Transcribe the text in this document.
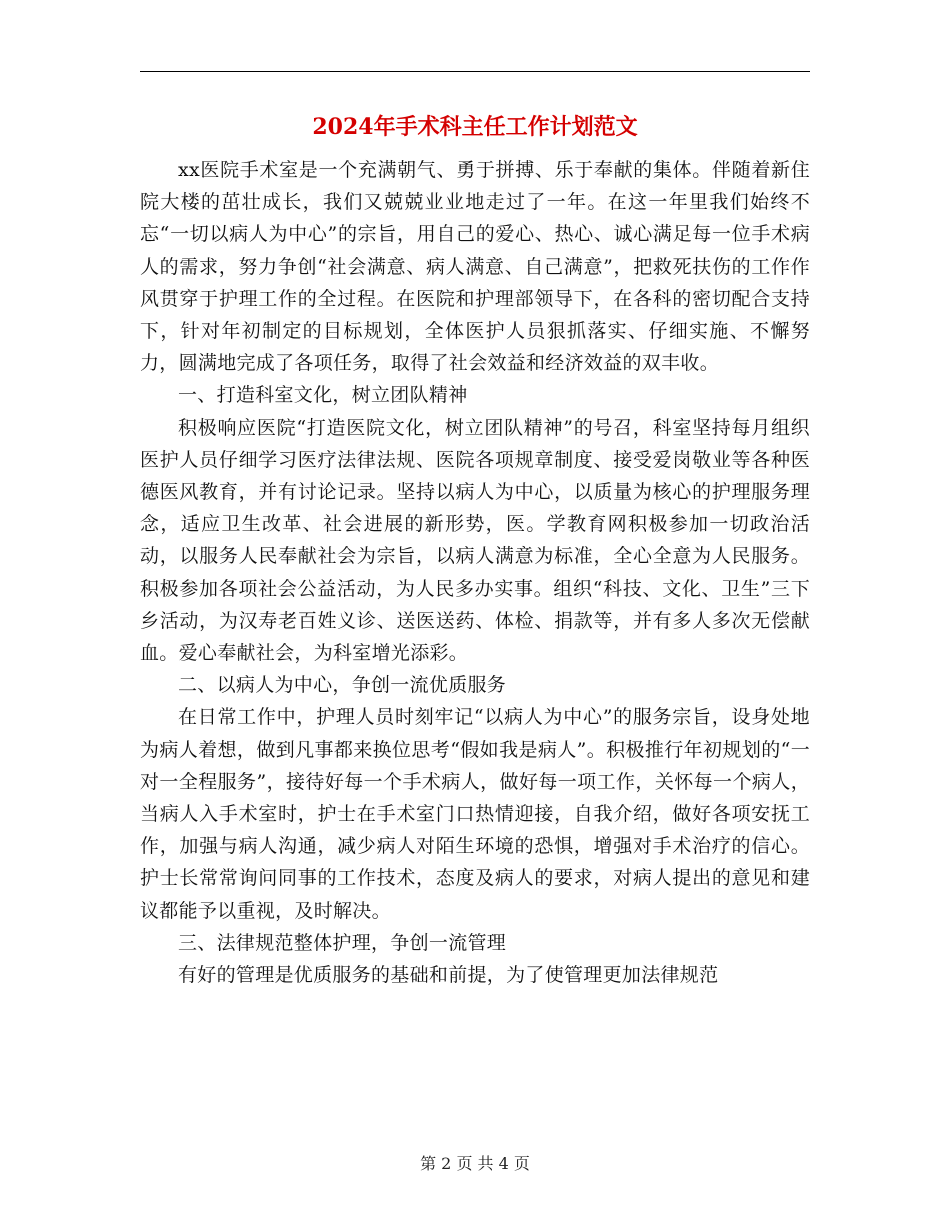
2024年手术科主任工作计划范文

xx医院手术室是一个充满朝气、勇于拼搏、乐于奉献的集体。伴随着新住院大楼的茁壮成长，我们又兢兢业业地走过了一年。在这一年里我们始终不忘“一切以病人为中心”的宗旨，用自己的爱心、热心、诚心满足每一位手术病人的需求，努力争创“社会满意、病人满意、自己满意”，把救死扶伤的工作作风贯穿于护理工作的全过程。在医院和护理部领导下，在各科的密切配合支持下，针对年初制定的目标规划，全体医护人员狠抓落实、仔细实施、不懈努力，圆满地完成了各项任务，取得了社会效益和经济效益的双丰收。

一、打造科室文化，树立团队精神

积极响应医院“打造医院文化，树立团队精神”的号召，科室坚持每月组织医护人员仔细学习医疗法律法规、医院各项规章制度、接受爱岗敬业等各种医德医风教育，并有讨论记录。坚持以病人为中心，以质量为核心的护理服务理念，适应卫生改革、社会进展的新形势，医。学教育网积极参加一切政治活动，以服务人民奉献社会为宗旨，以病人满意为标准，全心全意为人民服务。积极参加各项社会公益活动，为人民多办实事。组织“科技、文化、卫生”三下乡活动，为汉寿老百姓义诊、送医送药、体检、捐款等，并有多人多次无偿献血。爱心奉献社会，为科室增光添彩。

二、以病人为中心，争创一流优质服务

在日常工作中，护理人员时刻牢记“以病人为中心”的服务宗旨，设身处地为病人着想，做到凡事都来换位思考“假如我是病人”。积极推行年初规划的“一对一全程服务”，接待好每一个手术病人，做好每一项工作，关怀每一个病人，当病人入手术室时，护士在手术室门口热情迎接，自我介绍，做好各项安抚工作，加强与病人沟通，减少病人对陌生环境的恐惧，增强对手术治疗的信心。护士长常常询问同事的工作技术，态度及病人的要求，对病人提出的意见和建议都能予以重视，及时解决。

三、法律规范整体护理，争创一流管理

有好的管理是优质服务的基础和前提，为了使管理更加法律规范

第 2 页 共 4 页
